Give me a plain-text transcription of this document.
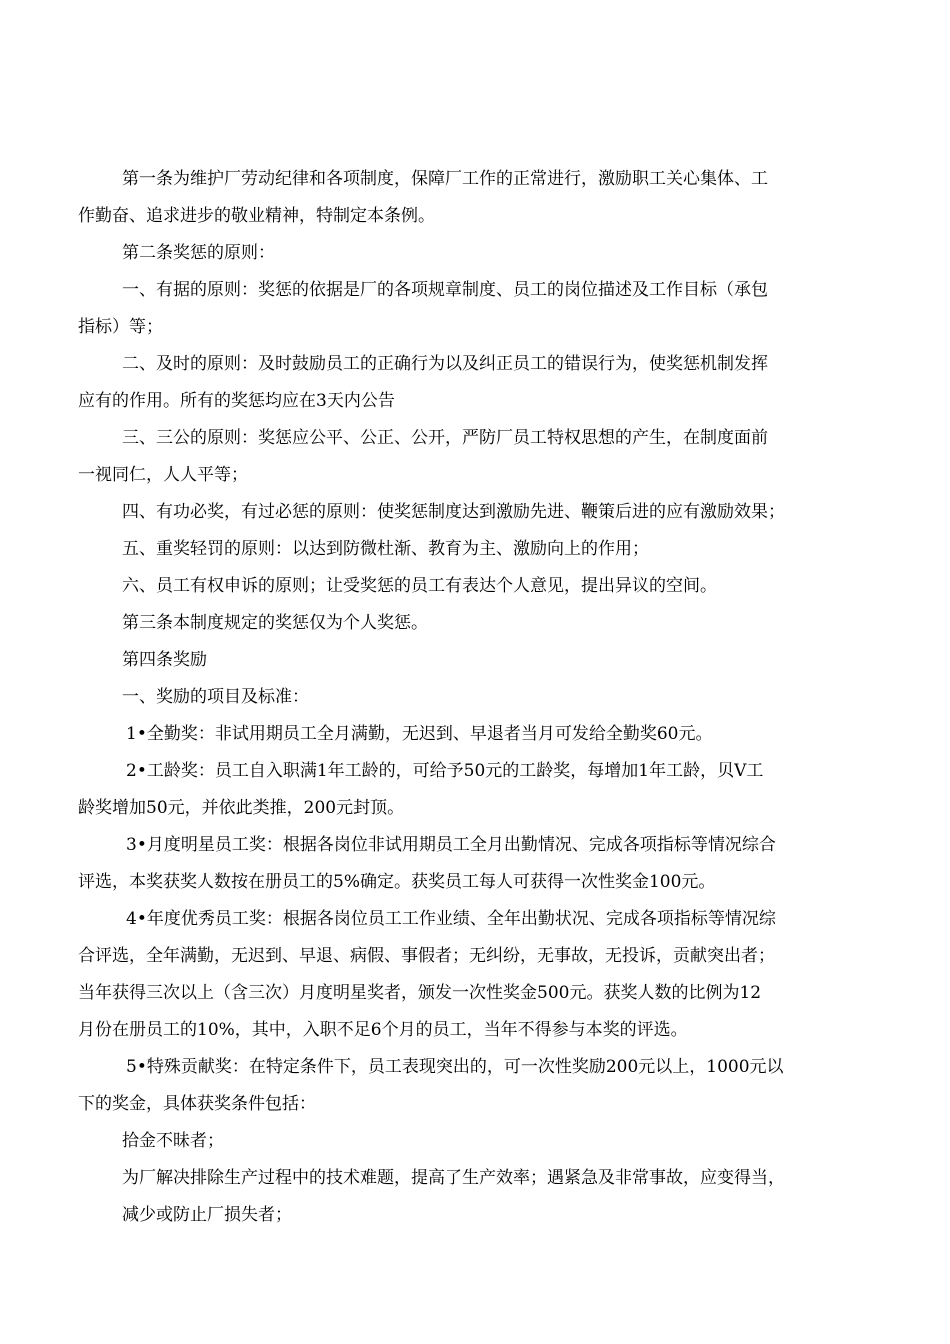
第一条为维护厂劳动纪律和各项制度，保障厂工作的正常进行，激励职工关心集体、工
作勤奋、追求进步的敬业精神，特制定本条例。
第二条奖惩的原则：
一、有据的原则：奖惩的依据是厂的各项规章制度、员工的岗位描述及工作目标（承包
指标）等；
二、及时的原则：及时鼓励员工的正确行为以及纠正员工的错误行为，使奖惩机制发挥
应有的作用。所有的奖惩均应在3天内公告
三、三公的原则：奖惩应公平、公正、公开，严防厂员工特权思想的产生，在制度面前
一视同仁，人人平等；
四、有功必奖，有过必惩的原则：使奖惩制度达到激励先进、鞭策后进的应有激励效果；
五、重奖轻罚的原则：以达到防微杜渐、教育为主、激励向上的作用；
六、员工有权申诉的原则；让受奖惩的员工有表达个人意见，提出异议的空间。
第三条本制度规定的奖惩仅为个人奖惩。
第四条奖励
一、奖励的项目及标准：
1•全勤奖：非试用期员工全月满勤，无迟到、早退者当月可发给全勤奖60元。
2•工龄奖：员工自入职满1年工龄的，可给予50元的工龄奖，每增加1年工龄，贝V工
龄奖增加50元，并依此类推，200元封顶。
3•月度明星员工奖：根据各岗位非试用期员工全月出勤情况、完成各项指标等情况综合
评选，本奖获奖人数按在册员工的5%确定。获奖员工每人可获得一次性奖金100元。
4•年度优秀员工奖：根据各岗位员工工作业绩、全年出勤状况、完成各项指标等情况综
合评选，全年满勤，无迟到、早退、病假、事假者；无纠纷，无事故，无投诉，贡献突出者；
当年获得三次以上（含三次）月度明星奖者，颁发一次性奖金500元。获奖人数的比例为12
月份在册员工的10%，其中，入职不足6个月的员工，当年不得参与本奖的评选。
5•特殊贡献奖：在特定条件下，员工表现突出的，可一次性奖励200元以上，1000元以
下的奖金，具体获奖条件包括：
拾金不昧者；
为厂解决排除生产过程中的技术难题，提高了生产效率；遇紧急及非常事故，应变得当，
减少或防止厂损失者；
